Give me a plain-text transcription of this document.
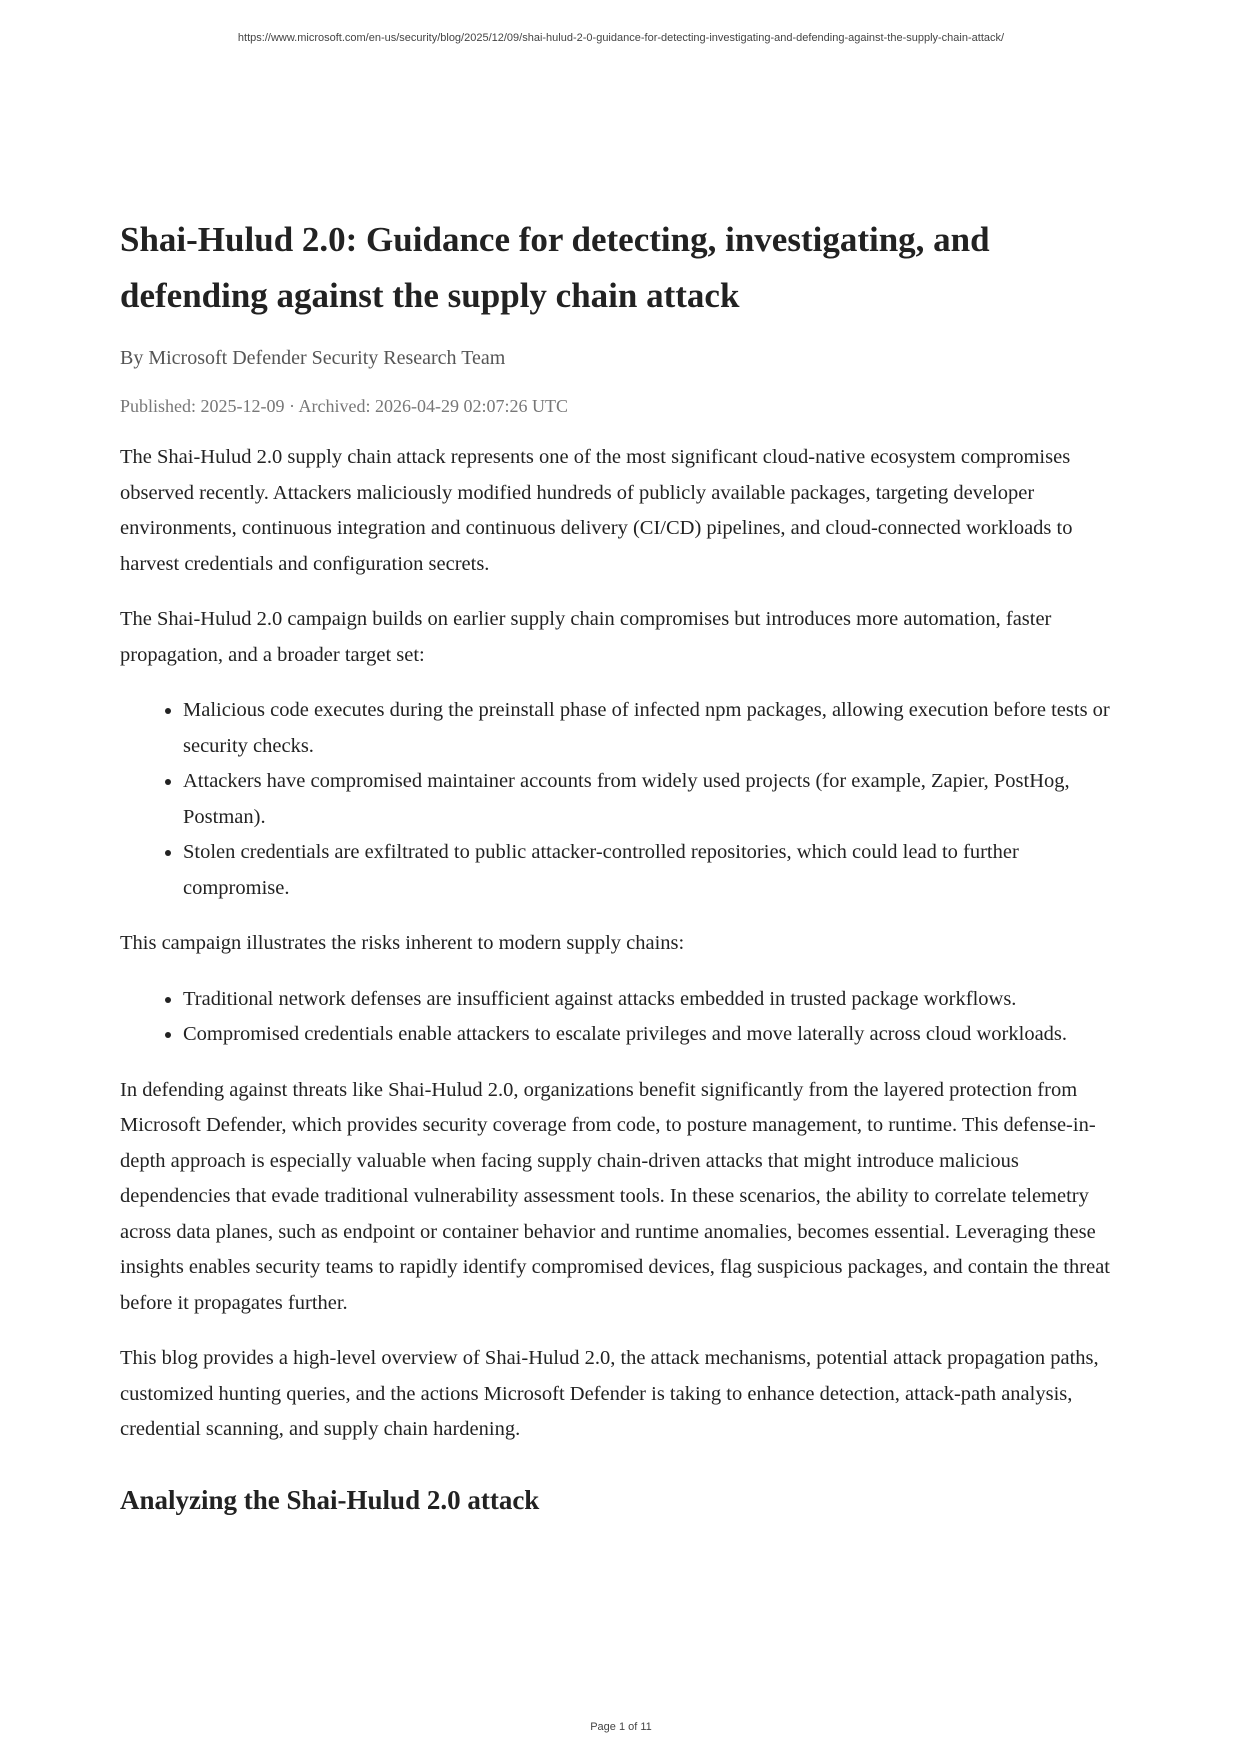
https://www.microsoft.com/en-us/security/blog/2025/12/09/shai-hulud-2-0-guidance-for-detecting-investigating-and-defending-against-the-supply-chain-attack/
Shai-Hulud 2.0: Guidance for detecting, investigating, and defending against the supply chain attack
By Microsoft Defender Security Research Team
Published: 2025-12-09 · Archived: 2026-04-29 02:07:26 UTC

The Shai-Hulud 2.0 supply chain attack represents one of the most significant cloud-native ecosystem compromises observed recently. Attackers maliciously modified hundreds of publicly available packages, targeting developer environments, continuous integration and continuous delivery (CI/CD) pipelines, and cloud-connected workloads to harvest credentials and configuration secrets.

The Shai-Hulud 2.0 campaign builds on earlier supply chain compromises but introduces more automation, faster propagation, and a broader target set:

• Malicious code executes during the preinstall phase of infected npm packages, allowing execution before tests or security checks.
• Attackers have compromised maintainer accounts from widely used projects (for example, Zapier, PostHog, Postman).
• Stolen credentials are exfiltrated to public attacker-controlled repositories, which could lead to further compromise.

This campaign illustrates the risks inherent to modern supply chains:

• Traditional network defenses are insufficient against attacks embedded in trusted package workflows.
• Compromised credentials enable attackers to escalate privileges and move laterally across cloud workloads.

In defending against threats like Shai-Hulud 2.0, organizations benefit significantly from the layered protection from Microsoft Defender, which provides security coverage from code, to posture management, to runtime. This defense-in-depth approach is especially valuable when facing supply chain-driven attacks that might introduce malicious dependencies that evade traditional vulnerability assessment tools. In these scenarios, the ability to correlate telemetry across data planes, such as endpoint or container behavior and runtime anomalies, becomes essential. Leveraging these insights enables security teams to rapidly identify compromised devices, flag suspicious packages, and contain the threat before it propagates further.

This blog provides a high-level overview of Shai-Hulud 2.0, the attack mechanisms, potential attack propagation paths, customized hunting queries, and the actions Microsoft Defender is taking to enhance detection, attack-path analysis, credential scanning, and supply chain hardening.

Analyzing the Shai-Hulud 2.0 attack
Page 1 of 11
